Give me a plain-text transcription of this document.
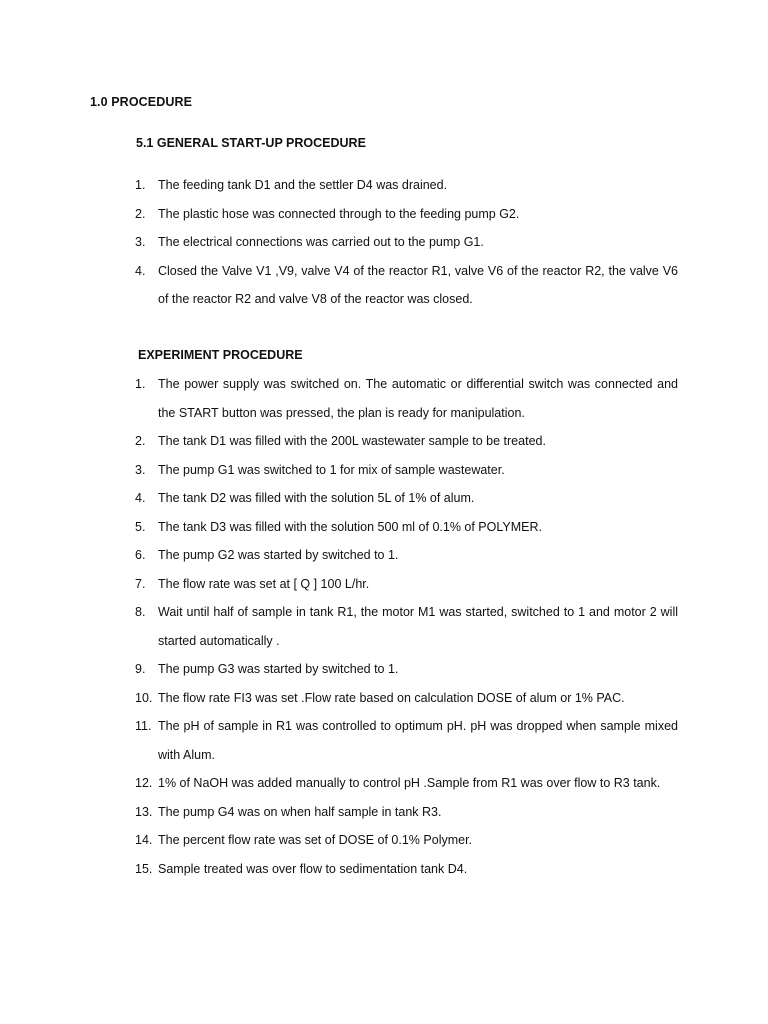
1.0 PROCEDURE
5.1 GENERAL START-UP PROCEDURE
1. The feeding tank D1 and the settler D4 was drained.
2. The plastic hose was connected through to the feeding pump G2.
3. The electrical connections was carried out to the pump G1.
4. Closed the Valve V1 ,V9, valve V4 of the reactor R1, valve V6 of the reactor R2, the valve V6 of the reactor R2 and valve V8 of the reactor was closed.
EXPERIMENT PROCEDURE
1. The power supply was switched on. The automatic or differential switch was connected and the START button was pressed, the plan is ready for manipulation.
2. The tank D1 was filled with the 200L wastewater sample to be treated.
3. The pump G1 was switched to 1 for mix of sample wastewater.
4. The tank D2 was filled with the solution 5L of 1% of alum.
5. The tank D3 was filled with the solution 500 ml of 0.1% of POLYMER.
6. The pump G2 was started by switched to 1.
7. The flow rate was set at [ Q ] 100 L/hr.
8. Wait until half of sample in tank R1, the motor M1 was started, switched to 1 and motor 2 will started automatically .
9. The pump G3 was started by switched to 1.
10. The flow rate FI3 was set .Flow rate based on calculation DOSE of alum or 1% PAC.
11. The pH of sample in R1 was controlled to optimum pH. pH was dropped when sample mixed with Alum.
12. 1% of NaOH was added manually to control pH .Sample from R1 was over flow to R3 tank.
13. The pump G4 was on when half sample in tank R3.
14. The percent flow rate was set of DOSE of 0.1% Polymer.
15. Sample treated was over flow to sedimentation tank D4.
